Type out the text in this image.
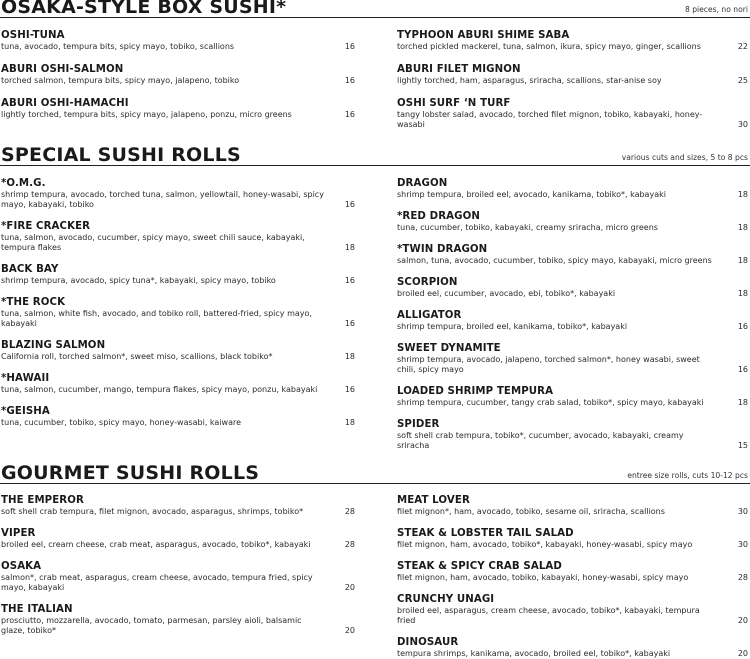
OSAKA-STYLE BOX SUSHI*	8 pieces, no nori
OSHI-TUNA
tuna, avocado, tempura bits, spicy mayo, tobiko, scallions	16
ABURI OSHI-SALMON
torched salmon, tempura bits, spicy mayo, jalapeno, tobiko	16
ABURI OSHI-HAMACHI
lightly torched, tempura bits, spicy mayo, jalapeno, ponzu, micro greens	16
TYPHOON ABURI SHIME SABA
torched pickled mackerel, tuna, salmon, ikura, spicy mayo, ginger, scallions	22
ABURI FILET MIGNON
lightly torched, ham, asparagus, sriracha, scallions, star-anise soy	25
OSHI SURF ‘N TURF
tangy lobster salad, avocado, torched filet mignon, tobiko, kabayaki, honey-wasabi	30
SPECIAL SUSHI ROLLS	various cuts and sizes, 5 to 8 pcs
*O.M.G.
shrimp tempura, avocado, torched tuna, salmon, yellowtail, honey-wasabi, spicy mayo, kabayaki, tobiko	16
*FIRE CRACKER
tuna, salmon, avocado, cucumber, spicy mayo, sweet chili sauce, kabayaki, tempura flakes	18
BACK BAY
shrimp tempura, avocado, spicy tuna*, kabayaki, spicy mayo, tobiko	16
*THE ROCK
tuna, salmon, white fish, avocado, and tobiko roll, battered-fried, spicy mayo, kabayaki	16
BLAZING SALMON
California roll, torched salmon*, sweet miso, scallions, black tobiko*	18
*HAWAII
tuna, salmon, cucumber, mango, tempura flakes, spicy mayo, ponzu, kabayaki	16
*GEISHA
tuna, cucumber, tobiko, spicy mayo, honey-wasabi, kaiware	18
DRAGON
shrimp tempura, broiled eel, avocado, kanikama, tobiko*, kabayaki	18
*RED DRAGON
tuna, cucumber, tobiko, kabayaki, creamy sriracha, micro greens	18
*TWIN DRAGON
salmon, tuna, avocado, cucumber, tobiko, spicy mayo, kabayaki, micro greens	18
SCORPION
broiled eel, cucumber, avocado, ebi, tobiko*, kabayaki	18
ALLIGATOR
shrimp tempura, broiled eel, kanikama, tobiko*, kabayaki	16
SWEET DYNAMITE
shrimp tempura, avocado, jalapeno, torched salmon*, honey wasabi, sweet chili, spicy mayo	16
LOADED SHRIMP TEMPURA
shrimp tempura, cucumber, tangy crab salad, tobiko*, spicy mayo, kabayaki	18
SPIDER
soft shell crab tempura, tobiko*, cucumber, avocado, kabayaki, creamy sriracha	15
GOURMET SUSHI ROLLS	entree size rolls, cuts 10-12 pcs
THE EMPEROR
soft shell crab tempura, filet mignon, avocado, asparagus, shrimps, tobiko*	28
VIPER
broiled eel, cream cheese, crab meat, asparagus, avocado, tobiko*, kabayaki	28
OSAKA
salmon*, crab meat, asparagus, cream cheese, avocado, tempura fried, spicy mayo, kabayaki	20
THE ITALIAN
prosciutto, mozzarella, avocado, tomato, parmesan, parsley aioli, balsamic glaze, tobiko*	20
MEAT LOVER
filet mignon*, ham, avocado, tobiko, sesame oil, sriracha, scallions	30
STEAK & LOBSTER TAIL SALAD
filet mignon, ham, avocado, tobiko*, kabayaki, honey-wasabi, spicy mayo	30
STEAK & SPICY CRAB SALAD
filet mignon, ham, avocado, tobiko, kabayaki, honey-wasabi, spicy mayo	28
CRUNCHY UNAGI
broiled eel, asparagus, cream cheese, avocado, tobiko*, kabayaki, tempura fried	20
DINOSAUR
tempura shrimps, kanikama, avocado, broiled eel, tobiko*, kabayaki	20
